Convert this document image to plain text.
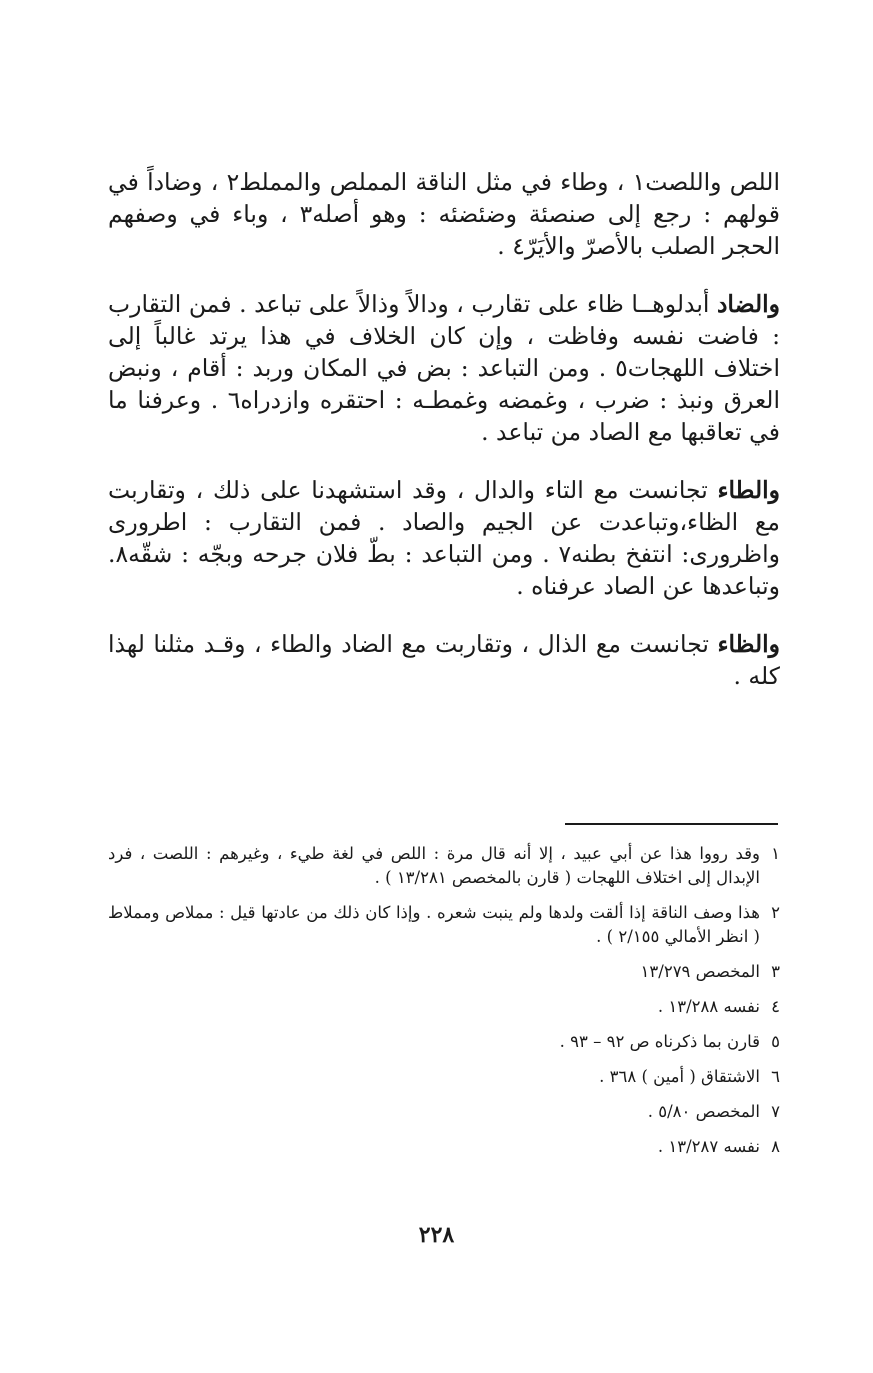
اللص واللصت١ ، وطاء في مثل الناقة المملص والمملط٢ ، وضاداً في قولهم : رجع إلى صنصئة وضئضئه : وهو أصله٣ ، وباء في وصفهم الحجر الصلب بالأصرّ والأيَرّ٤ .

والضاد أبدلوهــا ظاء على تقارب ، ودالاً وذالاً على تباعد . فمن التقارب : فاضت نفسه وفاظت ، وإن كان الخلاف في هذا يرتد غالباً إلى اختلاف اللهجات٥ . ومن التباعد : بض في المكان وربد : أقام ، ونبض العرق ونبذ : ضرب ، وغمضه وغمطـه : احتقره وازدراه٦ . وعرفنا ما في تعاقبها مع الصاد من تباعد .

والطاء تجانست مع التاء والدال ، وقد استشهدنا على ذلك ، وتقاربت مع الظاء،وتباعدت عن الجيم والصاد . فمن التقارب : اطرورى واظرورى: انتفخ بطنه٧ . ومن التباعد : بطّ فلان جرحه وبجّه : شقّه٨. وتباعدها عن الصاد عرفناه .

والظاء تجانست مع الذال ، وتقاربت مع الضاد والطاء ، وقـد مثلنا لهذا كله .

١
وقد رووا هذا عن أبي عبيد ، إلا أنه قال مرة : اللص في لغة طيء ، وغيرهم : اللصت ، فرد الإبدال إلى اختلاف اللهجات ( قارن بالمخصص ١٣/٢٨١ ) .
٢
هذا وصف الناقة إذا ألقت ولدها ولم ينبت شعره . وإذا كان ذلك من عادتها قيل : مملاص ومملاط ( انظر الأمالي ٢/١٥٥ ) .
٣
المخصص ١٣/٢٧٩
٤
نفسه ١٣/٢٨٨ .
٥
قارن بما ذكرناه ص ٩٢ – ٩٣ .
٦
الاشتقاق ( أمين ) ٣٦٨ .
٧
المخصص ٥/٨٠ .
٨
نفسه ١٣/٢٨٧ .
٢٢٨
